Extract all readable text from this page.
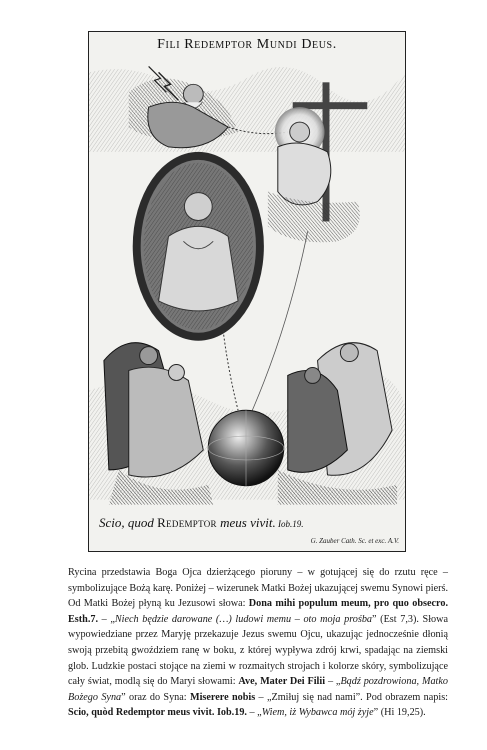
Fili Redemptor Mundi Deus.
Scio, quod Redemptor meus vivit. Iob.19.
G. Zauber Cath. Sc. et exc. A.V.
Rycina przedstawia Boga Ojca dzierżącego pioruny – w gotującej się do rzutu ręce – symbolizujące Bożą karę. Poniżej – wizerunek Matki Bożej ukazującej swemu Synowi pierś. Od Matki Bożej płyną ku Jezusowi słowa: Dona mihi populum meum, pro quo obsecro. Esth.7. – „Niech będzie darowane (…) ludowi memu – oto moja prośba” (Est 7,3). Słowa wypowiedziane przez Maryję przekazuje Jezus swemu Ojcu, ukazując jednocześnie dłonią swoją przebitą gwoździem ranę w boku, z której wypływa zdrój krwi, spadając na ziemski glob. Ludzkie postaci stojące na ziemi w rozmaitych strojach i kolorze skóry, symbolizujące cały świat, modlą się do Maryi słowami: Ave, Mater Dei Filii – „Bądź pozdrowiona, Matko Bożego Syna” oraz do Syna: Miserere nobis – „Zmiłuj się nad nami”. Pod obrazem napis: Scio, quòd Redemptor meus vivit. Iob.19. – „Wiem, iż Wybawca mój żyje” (Hi 19,25).
